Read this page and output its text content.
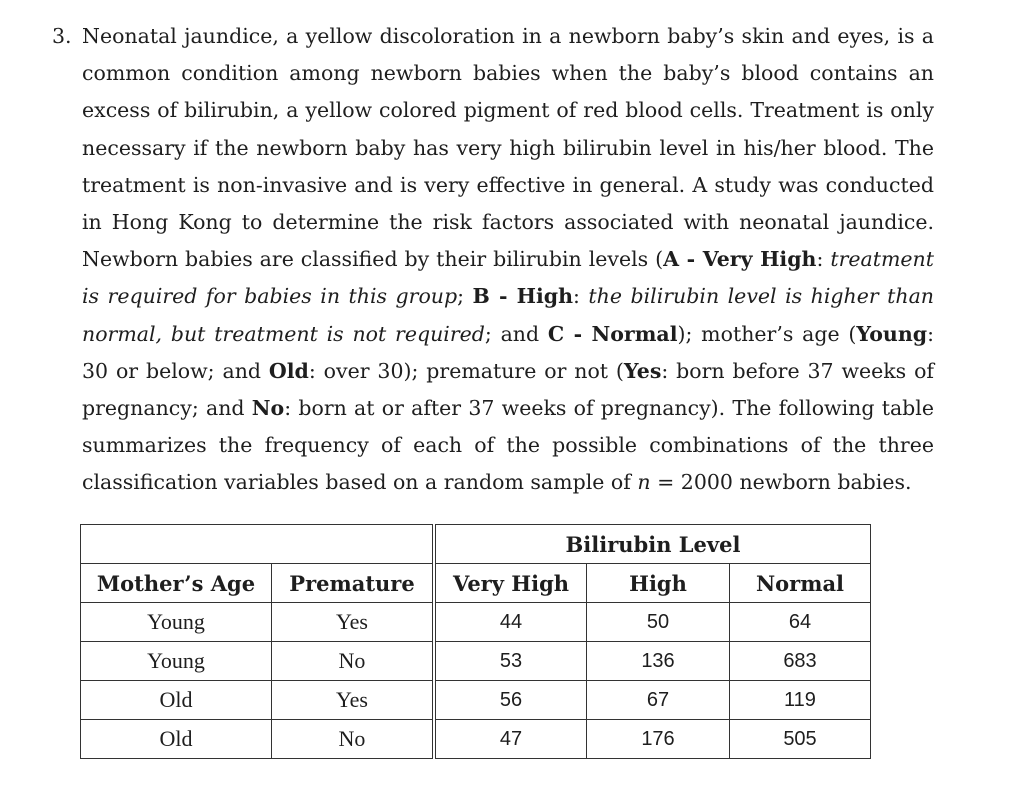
3. Neonatal jaundice, a yellow discoloration in a newborn baby’s skin and eyes, is a common condition among newborn babies when the baby’s blood contains an excess of bilirubin, a yellow colored pigment of red blood cells. Treatment is only necessary if the newborn baby has very high bilirubin level in his/her blood. The treatment is non-invasive and is very effective in general. A study was conducted in Hong Kong to determine the risk factors associated with neonatal jaundice. Newborn babies are classified by their bilirubin levels (A - Very High: treatment is required for babies in this group; B - High: the bilirubin level is higher than normal, but treatment is not required; and C - Normal); mother’s age (Young: 30 or below; and Old: over 30); premature or not (Yes: born before 37 weeks of pregnancy; and No: born at or after 37 weeks of pregnancy). The following table summarizes the frequency of each of the possible combinations of the three classification variables based on a random sample of n = 2000 newborn babies.
		Bilirubin Level		
Mother’s Age	Premature	Very High	High	Normal
Young	Yes	44	50	64
Young	No	53	136	683
Old	Yes	56	67	119
Old	No	47	176	505
